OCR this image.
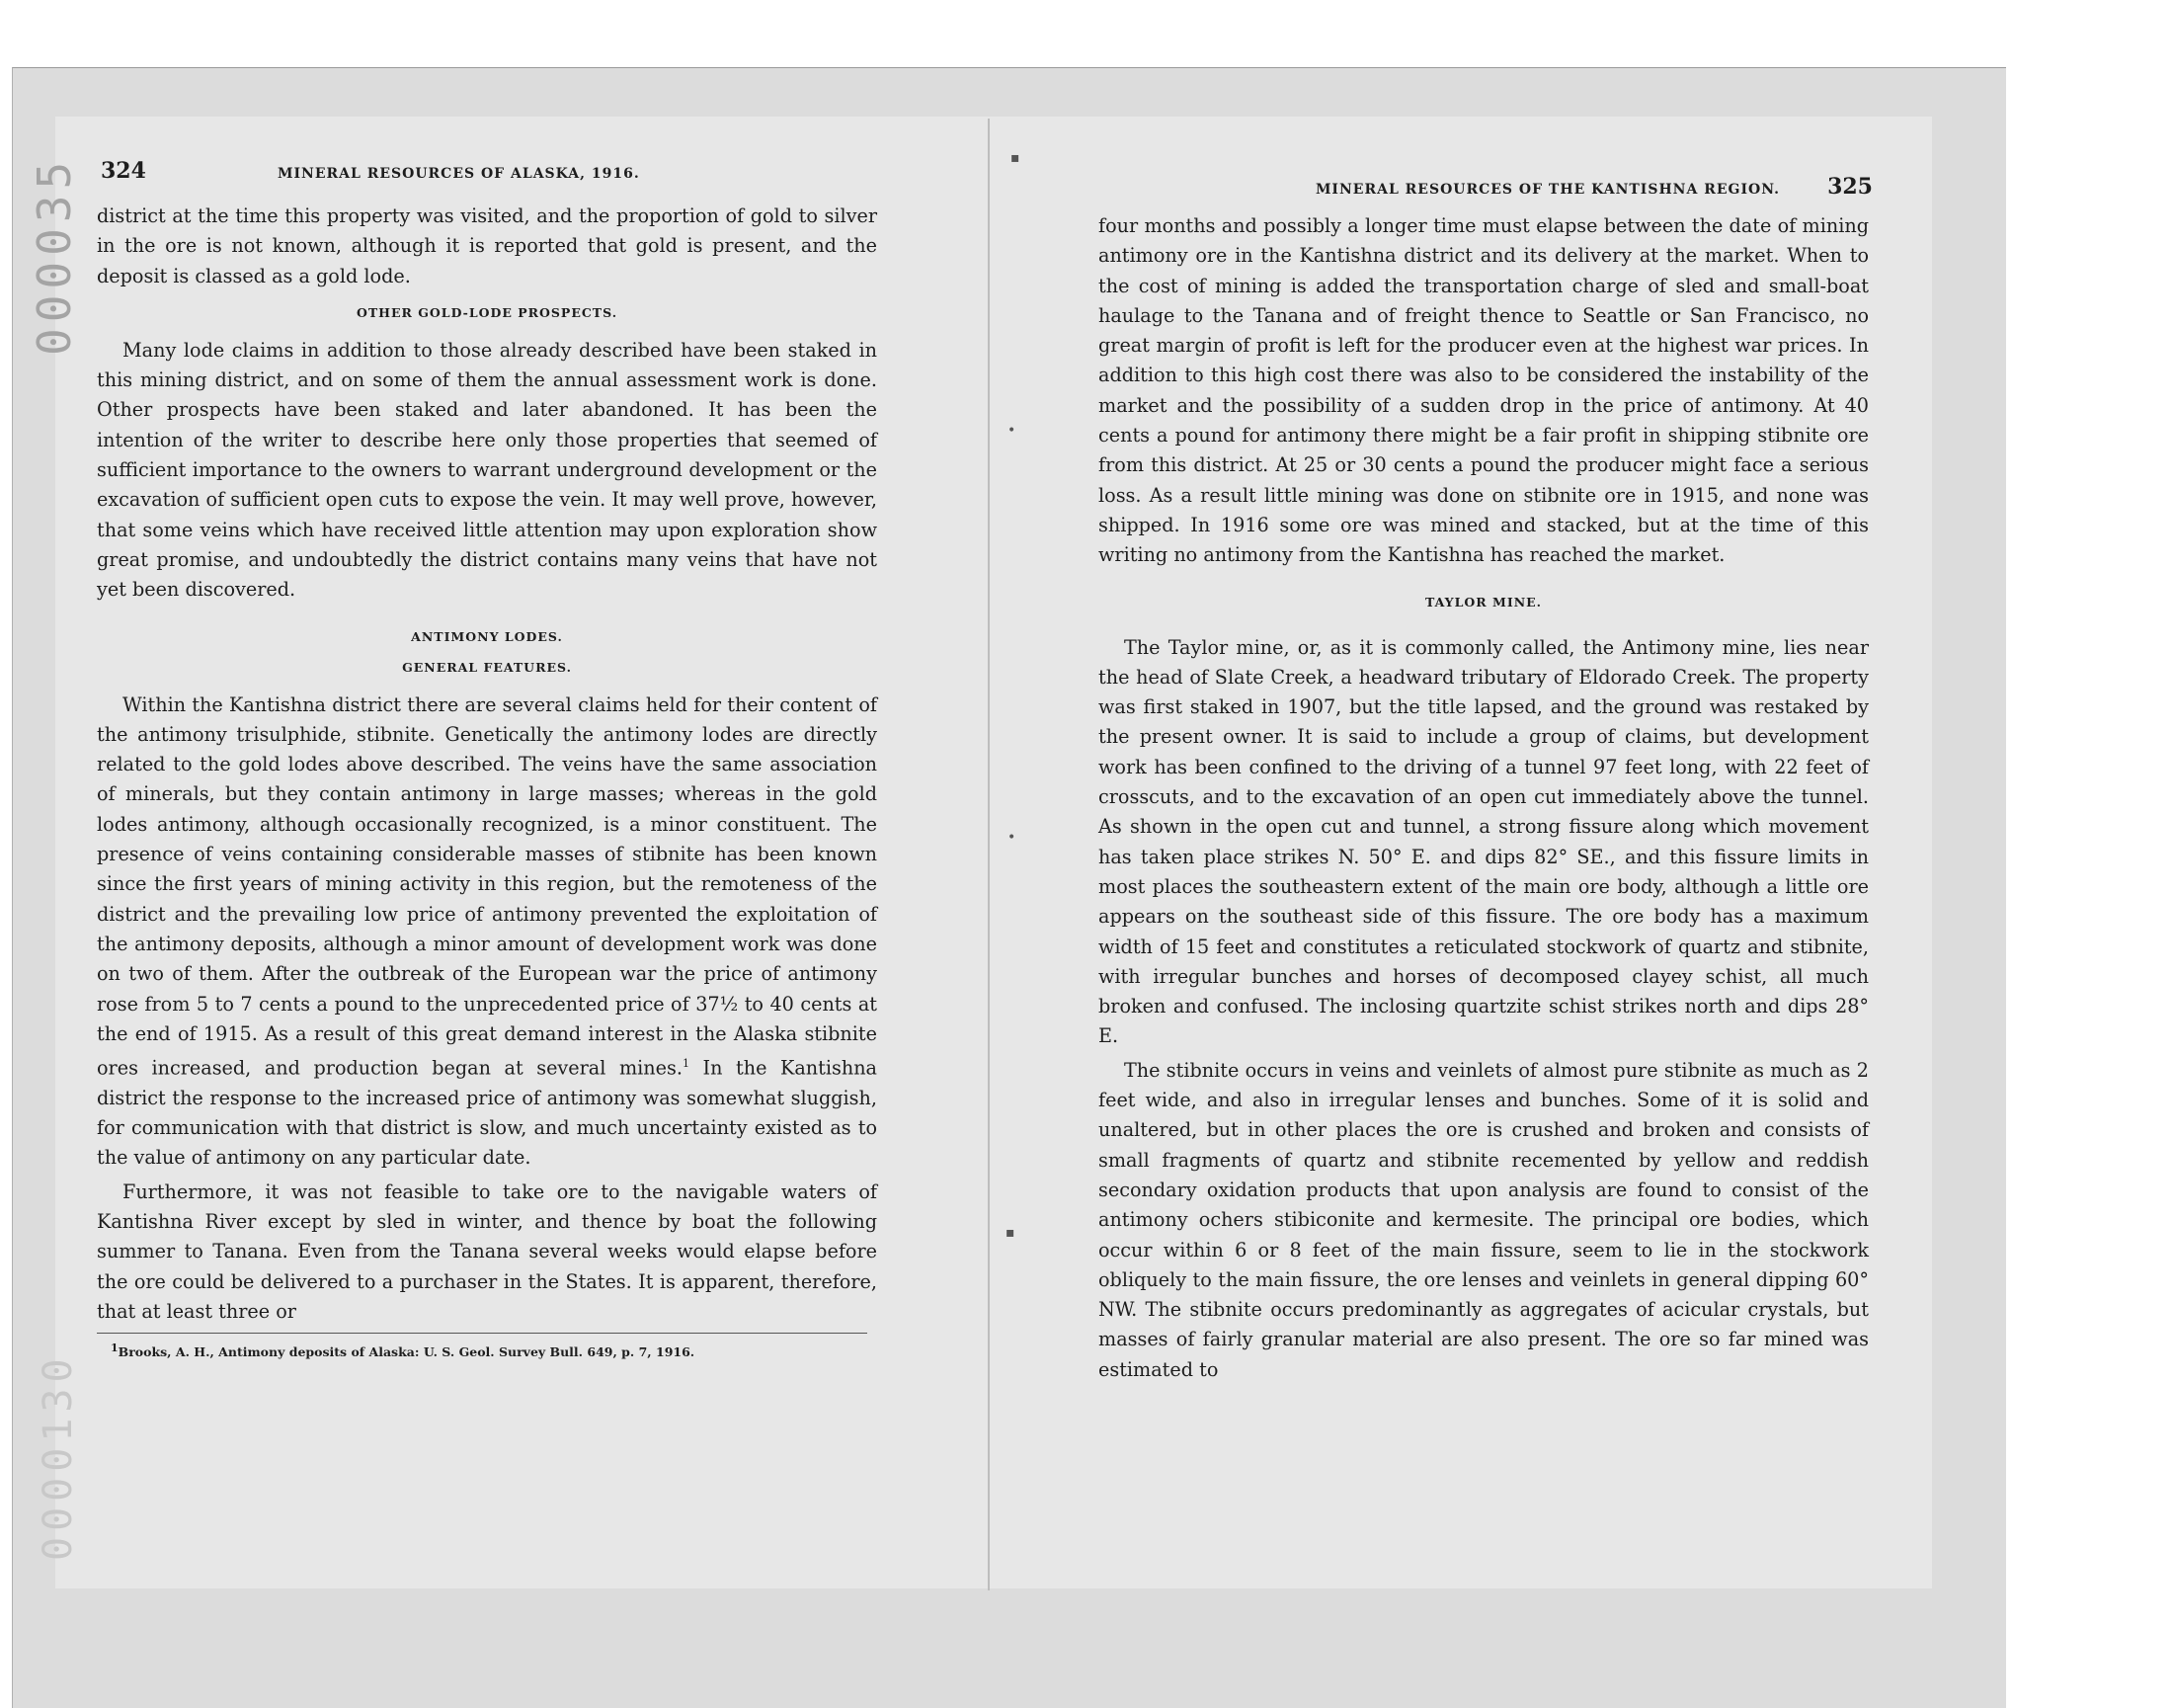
0000130
▪
•
•
▪
324	MINERAL RESOURCES OF ALASKA, 1916.

district at the time this property was visited, and the proportion of gold to silver in the ore is not known, although it is reported that gold is present, and the deposit is classed as a gold lode.

OTHER GOLD-LODE PROSPECTS.

Many lode claims in addition to those already described have been staked in this mining district, and on some of them the annual assessment work is done. Other prospects have been staked and later abandoned. It has been the intention of the writer to describe here only those properties that seemed of sufficient importance to the owners to warrant underground development or the excavation of sufficient open cuts to expose the vein. It may well prove, however, that some veins which have received little attention may upon exploration show great promise, and undoubtedly the district contains many veins that have not yet been discovered.

ANTIMONY LODES.
GENERAL FEATURES.

Within the Kantishna district there are several claims held for their content of the antimony trisulphide, stibnite. Genetically the antimony lodes are directly related to the gold lodes above described. The veins have the same association of minerals, but they contain antimony in large masses; whereas in the gold lodes antimony, although occasionally recognized, is a minor constituent. The presence of veins containing considerable masses of stibnite has been known since the first years of mining activity in this region, but the remoteness of the district and the prevailing low price of antimony prevented the exploitation of the antimony deposits, although a minor amount of development work was done on two of them. After the outbreak of the European war the price of antimony rose from 5 to 7 cents a pound to the unprecedented price of 37½ to 40 cents at the end of 1915. As a result of this great demand interest in the Alaska stibnite ores increased, and production began at several mines.$^1$ In the Kantishna district the response to the increased price of antimony was somewhat sluggish, for communication with that district is slow, and much uncertainty existed as to the value of antimony on any particular date.

Furthermore, it was not feasible to take ore to the navigable waters of Kantishna River except by sled in winter, and thence by boat the following summer to Tanana. Even from the Tanana several weeks would elapse before the ore could be delivered to a purchaser in the States. It is apparent, therefore, that at least three or

$^1$Brooks, A. H., Antimony deposits of Alaska: U. S. Geol. Survey Bull. 649, p. 7, 1916.
MINERAL RESOURCES OF THE KANTISHNA REGION. 325

four months and possibly a longer time must elapse between the date of mining antimony ore in the Kantishna district and its delivery at the market. When to the cost of mining is added the transportation charge of sled and small-boat haulage to the Tanana and of freight thence to Seattle or San Francisco, no great margin of profit is left for the producer even at the highest war prices. In addition to this high cost there was also to be considered the instability of the market and the possibility of a sudden drop in the price of antimony. At 40 cents a pound for antimony there might be a fair profit in shipping stibnite ore from this district. At 25 or 30 cents a pound the producer might face a serious loss. As a result little mining was done on stibnite ore in 1915, and none was shipped. In 1916 some ore was mined and stacked, but at the time of this writing no antimony from the Kantishna has reached the market.

TAYLOR MINE.

The Taylor mine, or, as it is commonly called, the Antimony mine, lies near the head of Slate Creek, a headward tributary of Eldorado Creek. The property was first staked in 1907, but the title lapsed, and the ground was restaked by the present owner. It is said to include a group of claims, but development work has been confined to the driving of a tunnel 97 feet long, with 22 feet of crosscuts, and to the excavation of an open cut immediately above the tunnel. As shown in the open cut and tunnel, a strong fissure along which movement has taken place strikes N. 50° E. and dips 82° SE., and this fissure limits in most places the southeastern extent of the main ore body, although a little ore appears on the southeast side of this fissure. The ore body has a maximum width of 15 feet and constitutes a reticulated stockwork of quartz and stibnite, with irregular bunches and horses of decomposed clayey schist, all much broken and confused. The inclosing quartzite schist strikes north and dips 28° E.

The stibnite occurs in veins and veinlets of almost pure stibnite as much as 2 feet wide, and also in irregular lenses and bunches. Some of it is solid and unaltered, but in other places the ore is crushed and broken and consists of small fragments of quartz and stibnite recemented by yellow and reddish secondary oxidation products that upon analysis are found to consist of the antimony ochers stibiconite and kermesite. The principal ore bodies, which occur within 6 or 8 feet of the main fissure, seem to lie in the stockwork obliquely to the main fissure, the ore lenses and veinlets in general dipping 60° NW. The stibnite occurs predominantly as aggregates of acicular crystals, but masses of fairly granular material are also present. The ore so far mined was estimated to
